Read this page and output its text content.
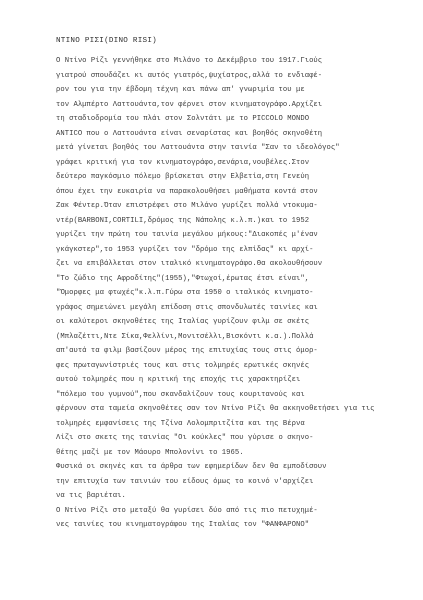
ΝΤΙΝΟ ΡΙΣΙ(DINO RISI)
Ο Ντίνο Ρίζι γεννήθηκε στο Μιλάνο το Δεκέμβριο του 1917.Γιούς
γιατρού σπουδάζει κι αυτός γιατρός,ψυχίατρος,αλλά το ενδιαφέ-
ρον του για την έβδομη τέχνη και πάνω απ' γνωριμία του με
τον Αλμπέρτο Λαττουάντα,τον φέρνει στον κινηματογράφο.Αρχίζει
τη σταδιοδρομία του πλάι στον Σολντάτι με το PICCOLO MONDO
ANTICO που ο Λαττουάντα είναι σεναρίστας και βοηθός σκηνοθέτη
μετά γίνεται βοηθός του Λαττουάντα στην ταινία "Σαν το ιδεολόγος"
γράφει κριτική για τον κινηματογράφο,σενάρια,νουβέλες.Στον
δεύτερο παγκόσμιο πόλεμο βρίσκεται στην Ελβετία,στη Γενεύη
όπου έχει την ευκαιρία να παρακολουθήσει μαθήματα κοντά στον
Ζακ Φέντερ.Όταν επιστρέφει στο Μιλάνο γυρίζει πολλά ντοκυμα-
ντέρ(BARBONI,CORTILI,δρόμος της Νάπολης κ.λ.π.)και το 1952
γυρίζει την πρώτη του ταινία μεγάλου μήκους:"Διακοπές μ'έναν
γκάγκστερ",το 1953 γυρίζει τον "δρόμο της ελπίδας" κι αρχί-
ζει να επιβάλλεται στον ιταλικό κινηματογράφο.Θα ακολουθήσουν
"Το ζώδιο της Αφροδίτης"(1955),"Φτωχοί,έρωτας έτσι είναι",
"Όμορφες μα φτωχές"κ.λ.π.Γύρω στα 1950 ο ιταλικός κινηματο-
γράφος σημειώνει μεγάλη επίδοση στις σπονδυλωτές ταινίες και
οι καλύτεροι σκηνοθέτες της Ιταλίας γυρίζουν φιλμ σε σκέτς
(Μπλαζέττι,Ντε Σίκα,Φελλίνι,Μονιτσέλλι,Βισκόντι κ.α.).Πολλά
απ'αυτά τα φιλμ βασίζουν μέρος της επιτυχίας τους στις όμορ-
φες πρωταγωνίστριές τους και στις τολμηρές ερωτικές σκηνές
αυτού τολμηρές που η κριτική της εποχής τις χαρακτηρίζει
"πόλεμο του γυμνού",που σκανδαλίζουν τους κουριτανούς και
φέρνουν στα ταμεία σκηνοθέτες σαν τον Ντίνο Ρίζι θα ακκηνοθετήσει για τις
τολμηρές εμφανίσεις της Τζίνα Λολομπριτζίτα και της Βέρνα
Λίζι στο σκετς της ταινίας "Οι κούκλες" που γύρισε ο σκηνο-
θέτης μαζί με τον Μάουρο Μπολονίνι το 1965.
Φυσικά οι σκηνές και τα άρθρα των εφημερίδων δεν θα εμποδίσουν
την επιτυχία των ταινιών του είδους όμως το κοινό ν'αρχίζει
να τις βαριέται.
Ο Ντίνο Ρίζι στο μεταξύ θα γυρίσει δύο από τις πιο πετυχημέ-
νες ταινίες του κινηματογράφου της Ιταλίας τον "ΦΑΝΦΑΡΟΝΟ"
